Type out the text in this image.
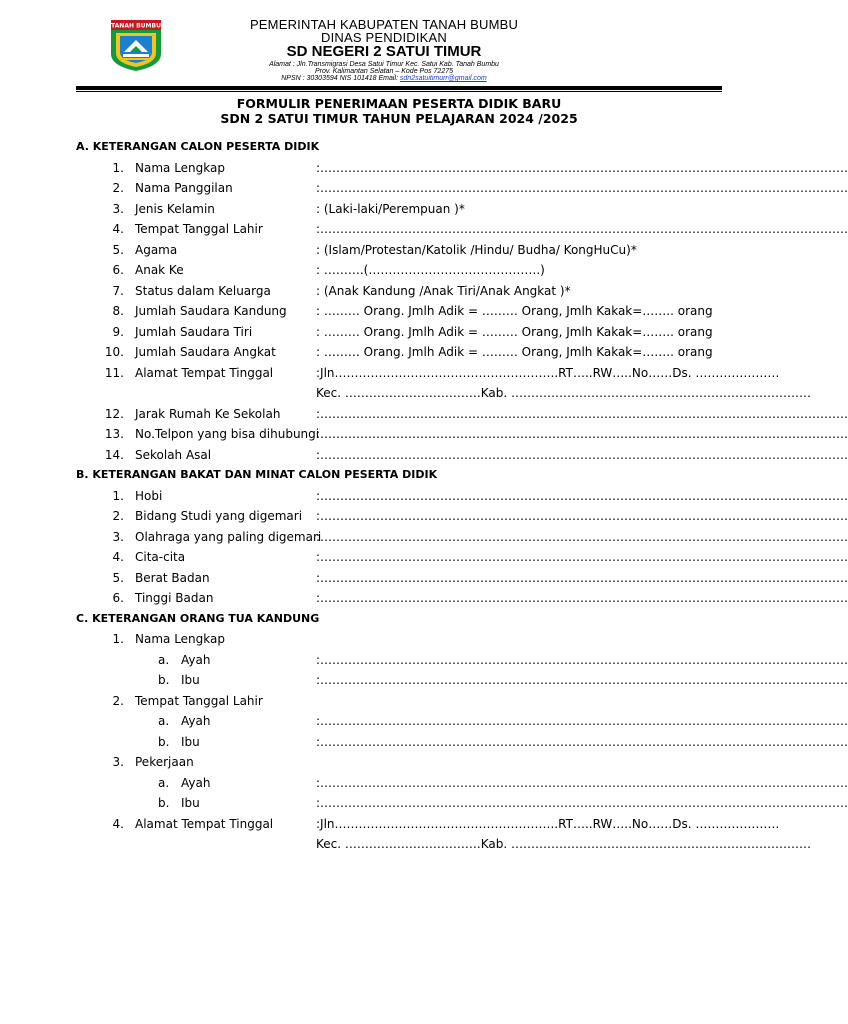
TANAH BUMBU	PEMERINTAH KABUPATEN TANAH BUMBU
DINAS PENDIDIKAN
SD NEGERI 2 SATUI TIMUR
Alamat : Jln.Transmigrasi Desa Satui Timur Kec. Satui Kab. Tanah Bumbu
Prov. Kalimantan Selatan – Kode Pos 72275
NPSN : 30303594 NIS 101418 Email: sdn2satuitimurr@gmail.com
FORMULIR PENERIMAAN PESERTA DIDIK BARU
SDN 2 SATUI TIMUR TAHUN PELAJARAN 2024 /2025
A. KETERANGAN CALON PESERTA DIDIK
1. Nama Lengkap	:……………………………………………………………………………………………………………………
2. Nama Panggilan	:……………………………………………………………………………………………………………………
3. Jenis Kelamin	: (Laki-laki/Perempuan )*
4. Tempat Tanggal Lahir	:……………………………………………………………………………………………………………………
5. Agama	: (Islam/Protestan/Katolik /Hindu/ Budha/ KongHuCu)*
6. Anak Ke	: ……….(…………………………………….)
7. Status dalam Keluarga	: (Anak Kandung /Anak Tiri/Anak Angkat )*
8. Jumlah Saudara Kandung : ……… Orang. Jmlh Adik = ……… Orang, Jmlh Kakak=…….. orang
9. Jumlah Saudara Tiri	: ……… Orang. Jmlh Adik = ……… Orang, Jmlh Kakak=…….. orang
10. Jumlah Saudara Angkat	: ……… Orang. Jmlh Adik = ……… Orang, Jmlh Kakak=…….. orang
11. Alamat Tempat Tinggal	:Jln………………………………………………..RT…..RW…..No……Ds. …………………
Kec. …………………………….Kab. …………………………………………………………………
12. Jarak Rumah Ke Sekolah	:……………………………………………………………………………………………………………………
13. No.Telpon yang bisa dihubungi
:……………………………………………………………………………………………………………………
14. Sekolah Asal	:……………………………………………………………………………………………………………………
B. KETERANGAN BAKAT DAN MINAT CALON PESERTA DIDIK
1. Hobi	:……………………………………………………………………………………………………………………
2. Bidang Studi yang digemari :……………………………………………………………………………………………………………………
3. Olahraga yang paling digemari
:……………………………………………………………………………………………………………………
4. Cita-cita	:……………………………………………………………………………………………………………………
5. Berat Badan	:……………………………………………………………………………………………………………………
6. Tinggi Badan	:……………………………………………………………………………………………………………………
C. KETERANGAN ORANG TUA KANDUNG
1. Nama Lengkap
a. Ayah	:……………………………………………………………………………………………………………………
b. Ibu	:……………………………………………………………………………………………………………………
2. Tempat Tanggal Lahir
a. Ayah	:……………………………………………………………………………………………………………………
b. Ibu	:……………………………………………………………………………………………………………………
3. Pekerjaan
a. Ayah	:……………………………………………………………………………………………………………………
b. Ibu	:……………………………………………………………………………………………………………………
4. Alamat Tempat Tinggal	:Jln………………………………………………..RT…..RW…..No……Ds. …………………
Kec. …………………………….Kab. …………………………………………………………………
